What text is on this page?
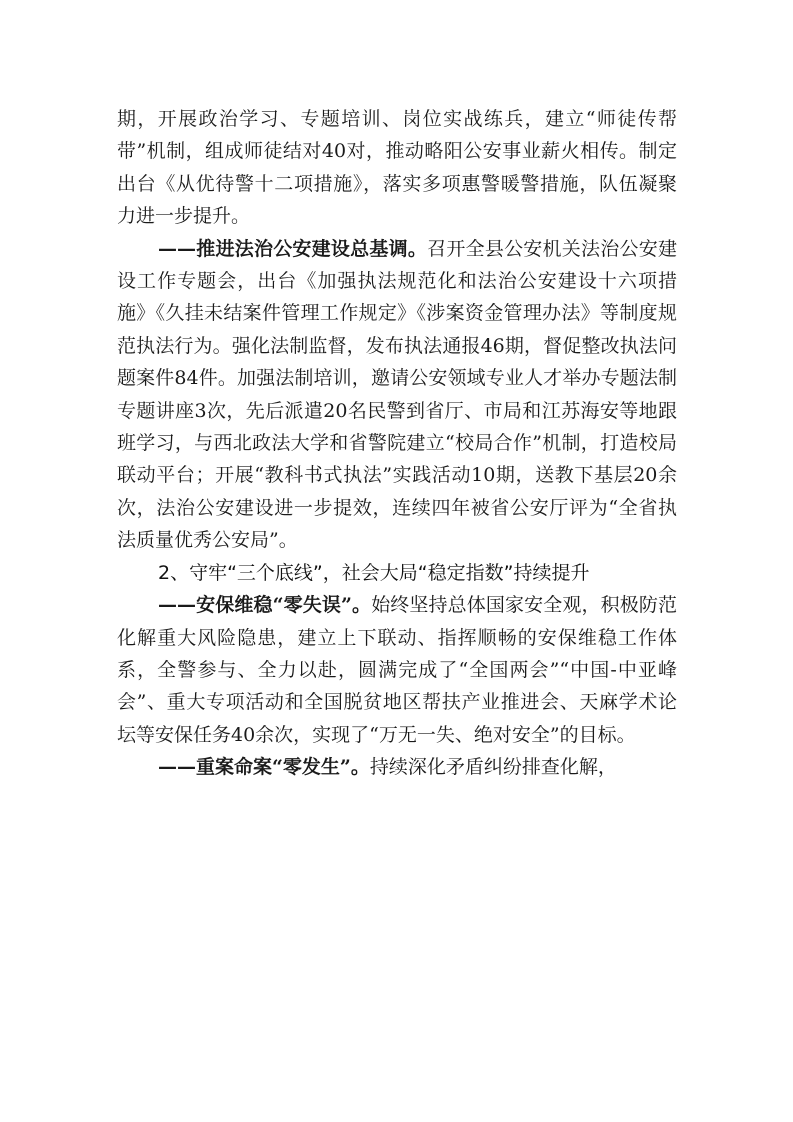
期，开展政治学习、专题培训、岗位实战练兵，建立“师徒传帮带”机制，组成师徒结对40对，推动略阳公安事业薪火相传。制定出台《从优待警十二项措施》，落实多项惠警暖警措施，队伍凝聚力进一步提升。

——推进法治公安建设总基调。召开全县公安机关法治公安建设工作专题会，出台《加强执法规范化和法治公安建设十六项措施》《久挂未结案件管理工作规定》《涉案资金管理办法》等制度规范执法行为。强化法制监督，发布执法通报46期，督促整改执法问题案件84件。加强法制培训，邀请公安领域专业人才举办专题法制专题讲座3次，先后派遣20名民警到省厅、市局和江苏海安等地跟班学习，与西北政法大学和省警院建立“校局合作”机制，打造校局联动平台；开展“教科书式执法”实践活动10期，送教下基层20余次，法治公安建设进一步提效，连续四年被省公安厅评为“全省执法质量优秀公安局”。

2、守牢“三个底线”，社会大局“稳定指数”持续提升

——安保维稳“零失误”。始终坚持总体国家安全观，积极防范化解重大风险隐患，建立上下联动、指挥顺畅的安保维稳工作体系，全警参与、全力以赴，圆满完成了“全国两会”“中国-中亚峰会”、重大专项活动和全国脱贫地区帮扶产业推进会、天麻学术论坛等安保任务40余次，实现了“万无一失、绝对安全”的目标。

——重案命案“零发生”。持续深化矛盾纠纷排查化解，
